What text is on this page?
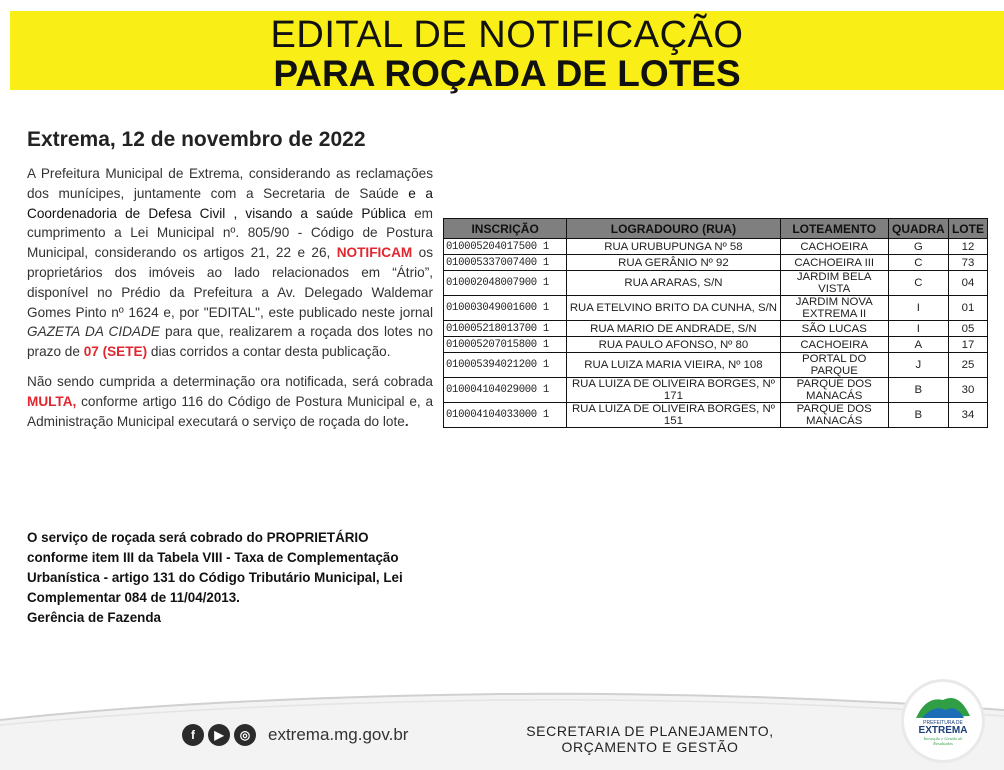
EDITAL DE NOTIFICAÇÃO
PARA ROÇADA DE LOTES
Extrema, 12 de novembro de 2022

A Prefeitura Municipal de Extrema, considerando as reclamações dos munícipes, juntamente com a Secretaria de Saúde e a Coordenadoria de Defesa Civil , visando a saúde Pública em cumprimento a Lei Municipal nº. 805/90 - Código de Postura Municipal, considerando os artigos 21, 22 e 26, NOTIFICAM os proprietários dos imóveis ao lado relacionados em “Átrio”, disponível no Prédio da Prefeitura a Av. Delegado Waldemar Gomes Pinto nº 1624 e, por "EDITAL", este publicado neste jornal GAZETA DA CIDADE para que, realizarem a roçada dos lotes no prazo de 07 (SETE) dias corridos a contar desta publicação.

Não sendo cumprida a determinação ora notificada, será cobrada MULTA, conforme artigo 116 do Código de Postura Municipal e, a Administração Municipal executará o serviço de roçada do lote.

O serviço de roçada será cobrado do PROPRIETÁRIO
conforme item III da Tabela VIII - Taxa de Complementação
Urbanística - artigo 131 do Código Tributário Municipal, Lei
Complementar 084 de 11/04/2013.
Gerência de Fazenda
INSCRIÇÃO	LOGRADOURO (RUA)	LOTEAMENTO	QUADRA	LOTE
010005204017500 1	RUA URUBUPUNGA Nº 58	CACHOEIRA	G	12
010005337007400 1	RUA GERÂNIO Nº 92	CACHOEIRA III	C	73
010002048007900 1	RUA ARARAS, S/N	JARDIM BELA VISTA	C	04
010003049001600 1	RUA ETELVINO BRITO DA CUNHA, S/N	JARDIM NOVA EXTREMA II	I	01
010005218013700 1	RUA MARIO DE ANDRADE, S/N	SÃO LUCAS	I	05
010005207015800 1	RUA PAULO AFONSO, Nº 80	CACHOEIRA	A	17
010005394021200 1	RUA LUIZA MARIA VIEIRA, Nº 108	PORTAL DO PARQUE	J	25
010004104029000 1	RUA LUIZA DE OLIVEIRA BORGES, Nº 171	PARQUE DOS MANACÁS	B	30
010004104033000 1	RUA LUIZA DE OLIVEIRA BORGES, Nº 151	PARQUE DOS MANACÁS	B	34
f	▶	◎	extrema.mg.gov.br	SECRETARIA DE PLANEJAMENTO,
ORÇAMENTO E GESTÃO
PREFEITURA DE
EXTREMA
Inovação e Gestão de
Resultados
